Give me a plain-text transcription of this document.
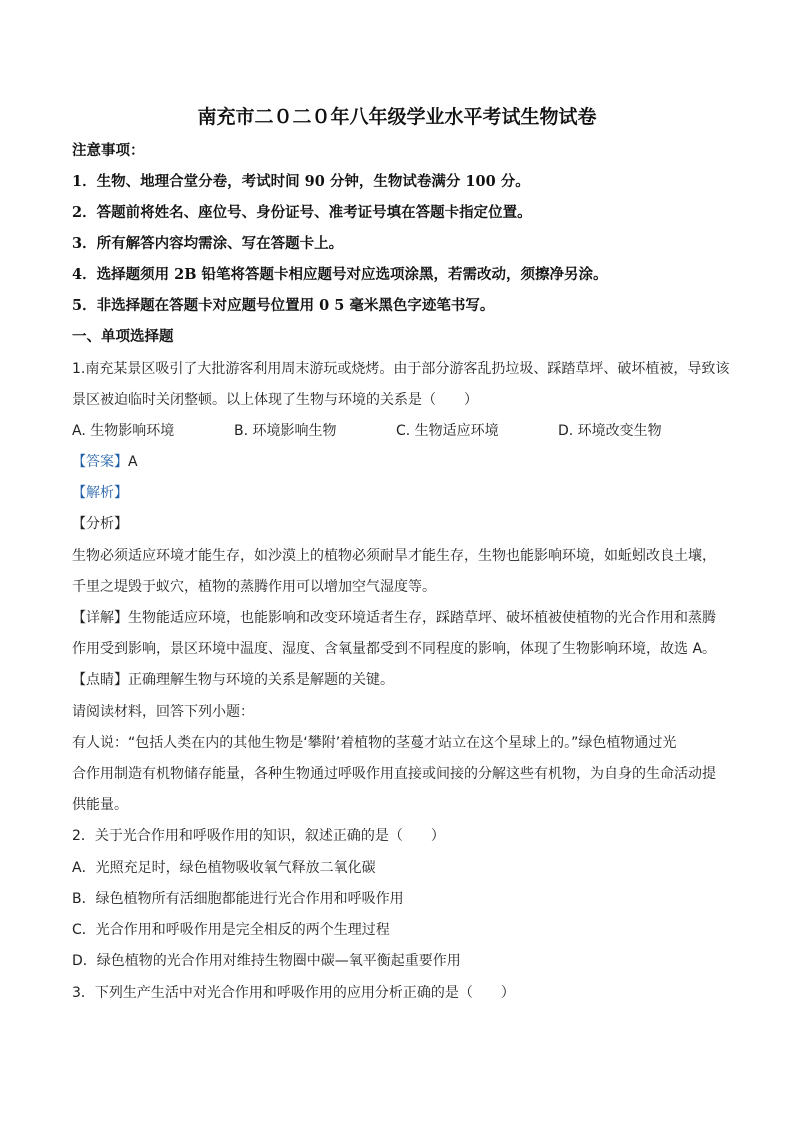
南充市二０二０年八年级学业水平考试生物试卷
注意事项：
1．生物、地理合堂分卷，考试时间 90 分钟，生物试卷满分 100 分。
2．答题前将姓名、座位号、身份证号、准考证号填在答题卡指定位置。
3．所有解答内容均需涂、写在答题卡上。
4．选择题须用 2B 铅笔将答题卡相应题号对应选项涂黑，若需改动，须擦净另涂。
5．非选择题在答题卡对应题号位置用 0 5 毫米黑色字迹笔书写。
一、单项选择题
1.南充某景区吸引了大批游客利用周末游玩或烧烤。由于部分游客乱扔垃圾、踩踏草坪、破坏植被，导致该
景区被迫临时关闭整顿。以上体现了生物与环境的关系是（　　）
A. 生物影响环境	B. 环境影响生物	C. 生物适应环境	D. 环境改变生物
【答案】A
【解析】
【分析】
生物必须适应环境才能生存，如沙漠上的植物必须耐旱才能生存，生物也能影响环境，如蚯蚓改良土壤，
千里之堤毁于蚁穴，植物的蒸腾作用可以增加空气湿度等。
【详解】生物能适应环境，也能影响和改变环境适者生存，踩踏草坪、破坏植被使植物的光合作用和蒸腾
作用受到影响，景区环境中温度、湿度、含氧量都受到不同程度的影响，体现了生物影响环境，故选 A。
【点睛】正确理解生物与环境的关系是解题的关键。
请阅读材料，回答下列小题：
有人说：“包括人类在内的其他生物是‘攀附’着植物的茎蔓才站立在这个星球上的。”绿色植物通过光
合作用制造有机物储存能量，各种生物通过呼吸作用直接或间接的分解这些有机物，为自身的生命活动提
供能量。
2．关于光合作用和呼吸作用的知识，叙述正确的是（　　）
A．光照充足时，绿色植物吸收氧气释放二氧化碳
B．绿色植物所有活细胞都能进行光合作用和呼吸作用
C．光合作用和呼吸作用是完全相反的两个生理过程
D．绿色植物的光合作用对维持生物圈中碳—氧平衡起重要作用
3．下列生产生活中对光合作用和呼吸作用的应用分析正确的是（　　）
